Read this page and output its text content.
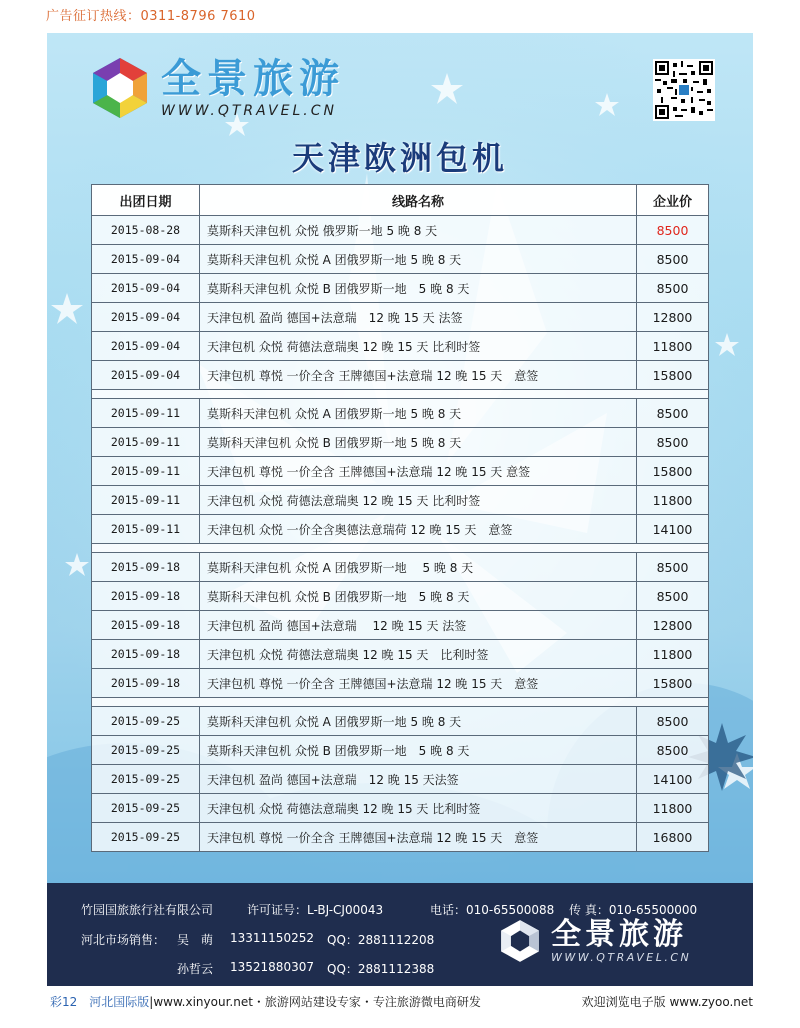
广告征订热线：0311-8796 7610
全景旅游
WWW.QTRAVEL.CN
天津欧洲包机
出团日期	线路名称	企业价
2015-08-28	莫斯科天津包机 众悦 俄罗斯一地 5 晚 8 天	8500
2015-09-04	莫斯科天津包机 众悦 A 团俄罗斯一地 5 晚 8 天	8500
2015-09-04	莫斯科天津包机 众悦 B 团俄罗斯一地　5 晚 8 天	8500
2015-09-04	天津包机 盈尚 德国+法意瑞　12 晚 15 天 法签	12800
2015-09-04	天津包机 众悦 荷德法意瑞奥 12 晚 15 天 比利时签	11800
2015-09-04	天津包机 尊悦 一价全含 王牌德国+法意瑞 12 晚 15 天　意签	15800

2015-09-11	莫斯科天津包机 众悦 A 团俄罗斯一地 5 晚 8 天	8500
2015-09-11	莫斯科天津包机 众悦 B 团俄罗斯一地 5 晚 8 天	8500
2015-09-11	天津包机 尊悦 一价全含 王牌德国+法意瑞 12 晚 15 天 意签	15800
2015-09-11	天津包机 众悦 荷德法意瑞奥 12 晚 15 天 比利时签	11800
2015-09-11	天津包机 众悦 一价全含奥德法意瑞荷 12 晚 15 天　意签	14100

2015-09-18	莫斯科天津包机 众悦 A 团俄罗斯一地　 5 晚 8 天	8500
2015-09-18	莫斯科天津包机 众悦 B 团俄罗斯一地　5 晚 8 天	8500
2015-09-18	天津包机 盈尚 德国+法意瑞　 12 晚 15 天 法签	12800
2015-09-18	天津包机 众悦 荷德法意瑞奥 12 晚 15 天　比利时签	11800
2015-09-18	天津包机 尊悦 一价全含 王牌德国+法意瑞 12 晚 15 天　意签	15800

2015-09-25	莫斯科天津包机 众悦 A 团俄罗斯一地 5 晚 8 天	8500
2015-09-25	莫斯科天津包机 众悦 B 团俄罗斯一地　5 晚 8 天	8500
2015-09-25	天津包机 盈尚 德国+法意瑞　12 晚 15 天法签	14100
2015-09-25	天津包机 众悦 荷德法意瑞奥 12 晚 15 天 比利时签	11800
2015-09-25	天津包机 尊悦 一价全含 王牌德国+法意瑞 12 晚 15 天　意签	16800
竹园国旅旅行社有限公司	许可证号：L-BJ-CJ00043	电话：010-65500088 传 真：010-65500000
河北市场销售： 吴　萌 13311150252 QQ：2881112208
孙哲云 13521880307 QQ：2881112388
全景旅游
WWW.QTRAVEL.CN
彩12　河北国际版|www.xinyour.net・旅游网站建设专家・专注旅游微电商研发	欢迎浏览电子版 www.zyoo.net
